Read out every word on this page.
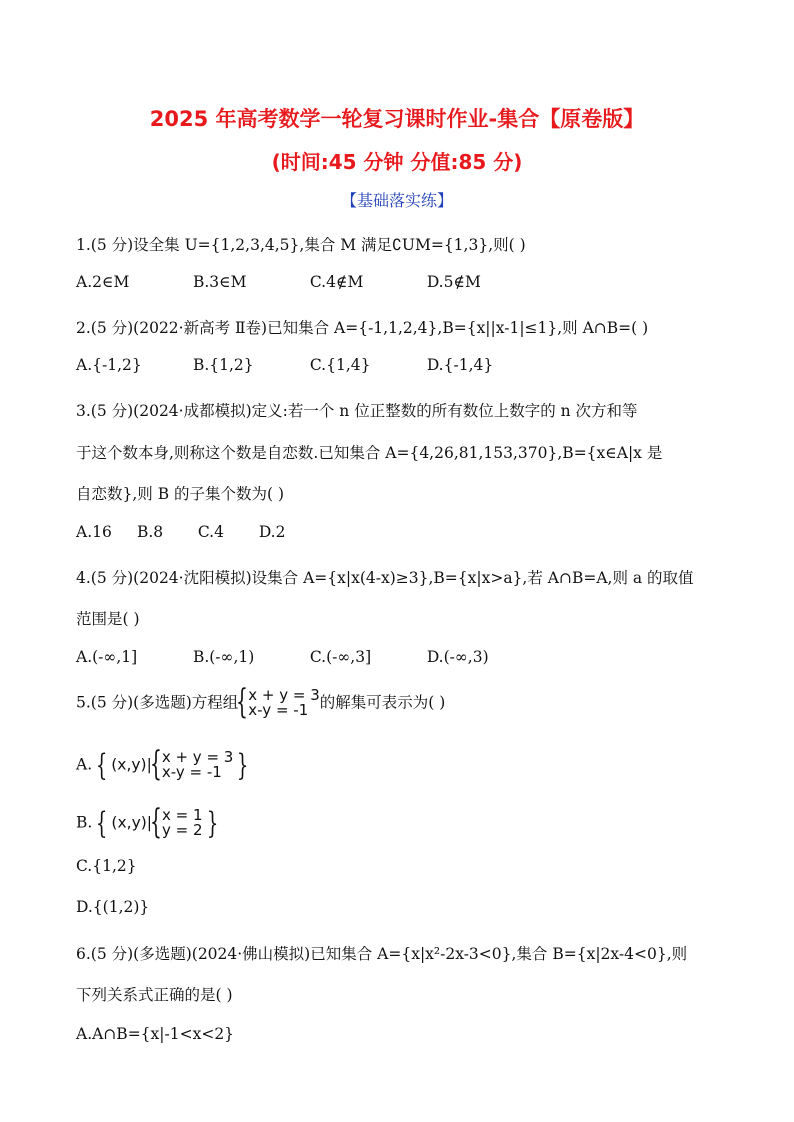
2025 年高考数学一轮复习课时作业-集合【原卷版】
(时间:45 分钟 分值:85 分)
【基础落实练】
1.(5 分)设全集 U={1,2,3,4,5},集合 M 满足∁UM={1,3},则( )
A.2∈M	B.3∈M	C.4∉M	D.5∉M
2.(5 分)(2022·新高考 Ⅱ卷)已知集合 A={-1,1,2,4},B={x||x-1|≤1},则 A∩B=( )
A.{-1,2}	B.{1,2}	C.{1,4}	D.{-1,4}
3.(5 分)(2024·成都模拟)定义:若一个 n 位正整数的所有数位上数字的 n 次方和等
于这个数本身,则称这个数是自恋数.已知集合 A={4,26,81,153,370},B={x∈A|x 是
自恋数},则 B 的子集个数为( )
A.16 B.8 C.4 D.2
4.(5 分)(2024·沈阳模拟)设集合 A={x|x(4-x)≥3},B={x|x>a},若 A∩B=A,则 a 的取值
范围是( )
A.(-∞,1]	B.(-∞,1)	C.(-∞,3]	D.(-∞,3)
5.(5 分)(多选题)方程组
{ x + y = 3
x-y = -1 的解集可表示为( )
A. { (x,y)|
{ x + y = 3
x-y = -1 }
B. { (x,y)|
{ x = 1
y = 2 }
C.{1,2}
D.{(1,2)}
6.(5 分)(多选题)(2024·佛山模拟)已知集合 A={x|x²-2x-3<0},集合 B={x|2x-4<0},则
下列关系式正确的是( )
A.A∩B={x|-1<x<2}
